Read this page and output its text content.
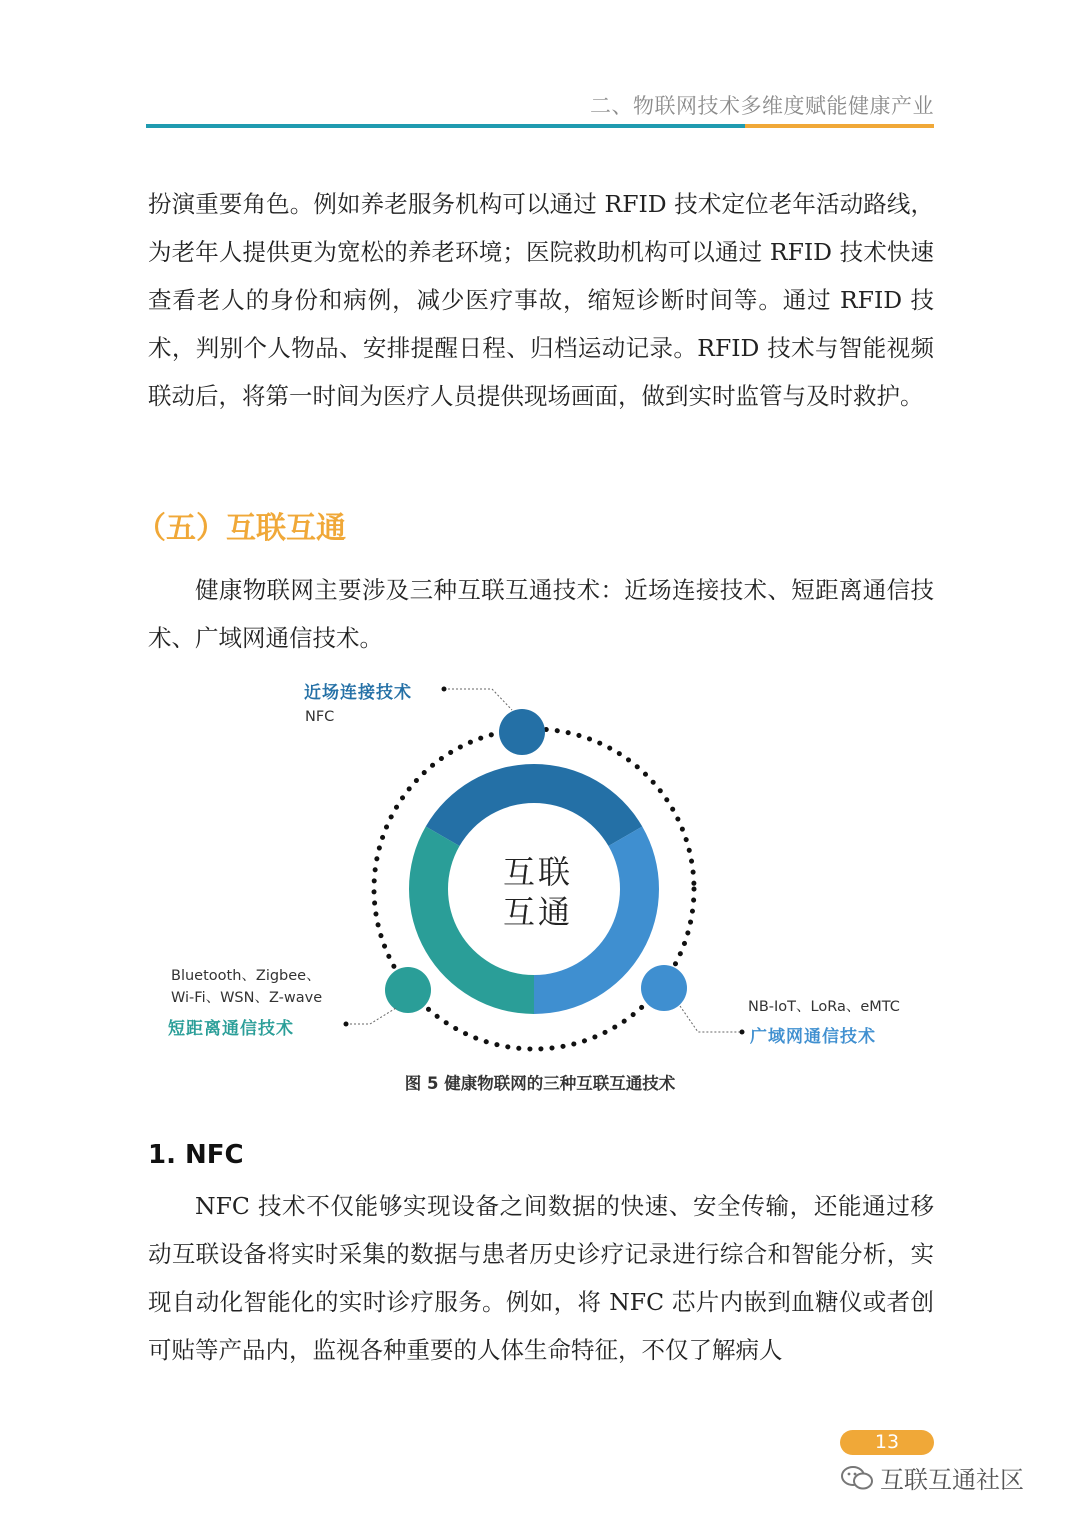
二、物联网技术多维度赋能健康产业

扮演重要角色。例如养老服务机构可以通过 RFID 技术定位老年活动路线，为老年人提供更为宽松的养老环境；医院救助机构可以通过 RFID 技术快速查看老人的身份和病例，减少医疗事故，缩短诊断时间等。通过 RFID 技术，判别个人物品、安排提醒日程、归档运动记录。RFID 技术与智能视频联动后，将第一时间为医疗人员提供现场画面，做到实时监管与及时救护。

（五）互联互通

健康物联网主要涉及三种互联互通技术：近场连接技术、短距离通信技术、广域网通信技术。

互联
互通
近场连接技术
NFC
Bluetooth、Zigbee、
Wi-Fi、WSN、Z-wave
短距离通信技术
NB-IoT、LoRa、eMTC
广域网通信技术
图 5 健康物联网的三种互联互通技术
1. NFC

NFC 技术不仅能够实现设备之间数据的快速、安全传输，还能通过移动互联设备将实时采集的数据与患者历史诊疗记录进行综合和智能分析，实现自动化智能化的实时诊疗服务。例如，将 NFC 芯片内嵌到血糖仪或者创可贴等产品内，监视各种重要的人体生命特征，不仅了解病人

13
互联互通社区
